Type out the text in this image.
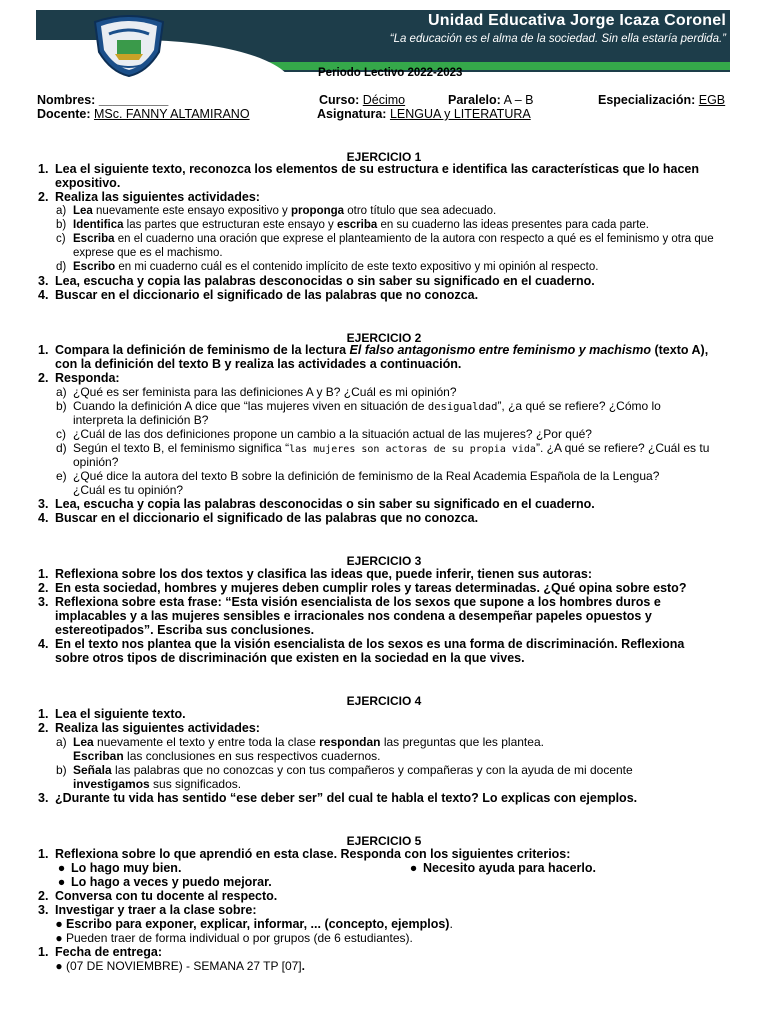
Unidad Educativa Jorge Icaza Coronel
“La educación es el alma de la sociedad. Sin ella estaría perdida.”
Periodo Lectivo 2022-2023
Nombres: __________	Curso: Décimo	Paralelo: A – B	Especialización: EGB
Docente: MSc. FANNY ALTAMIRANO	Asignatura: LENGUA y LITERATURA
EJERCICIO 1
1. Lea el siguiente texto, reconozca los elementos de su estructura e identifica las características que lo hacen
expositivo.
2. Realiza las siguientes actividades:
a) Lea nuevamente este ensayo expositivo y proponga otro título que sea adecuado.
b) Identifica las partes que estructuran este ensayo y escriba en su cuaderno las ideas presentes para cada parte.
c) Escriba en el cuaderno una oración que exprese el planteamiento de la autora con respecto a qué es el feminismo y otra que
exprese que es el machismo.
d) Escribo en mi cuaderno cuál es el contenido implícito de este texto expositivo y mi opinión al respecto.
3. Lea, escucha y copia las palabras desconocidas o sin saber su significado en el cuaderno.
4. Buscar en el diccionario el significado de las palabras que no conozca.
EJERCICIO 2
1. Compara la definición de feminismo de la lectura El falso antagonismo entre feminismo y machismo (texto A),
con la definición del texto B y realiza las actividades a continuación.
2. Responda:
a) ¿Qué es ser feminista para las definiciones A y B? ¿Cuál es mi opinión?
b) Cuando la definición A dice que “las mujeres viven en situación de desigualdad”, ¿a qué se refiere? ¿Cómo lo
interpreta la definición B?
c) ¿Cuál de las dos definiciones propone un cambio a la situación actual de las mujeres? ¿Por qué?
d) Según el texto B, el feminismo significa “las mujeres son actoras de su propia vida”. ¿A qué se refiere? ¿Cuál es tu
opinión?
e) ¿Qué dice la autora del texto B sobre la definición de feminismo de la Real Academia Española de la Lengua?
¿Cuál es tu opinión?
3. Lea, escucha y copia las palabras desconocidas o sin saber su significado en el cuaderno.
4. Buscar en el diccionario el significado de las palabras que no conozca.
EJERCICIO 3
1. Reflexiona sobre los dos textos y clasifica las ideas que, puede inferir, tienen sus autoras:
2. En esta sociedad, hombres y mujeres deben cumplir roles y tareas determinadas. ¿Qué opina sobre esto?
3. Reflexiona sobre esta frase: “Esta visión esencialista de los sexos que supone a los hombres duros e
implacables y a las mujeres sensibles e irracionales nos condena a desempeñar papeles opuestos y
estereotipados”. Escriba sus conclusiones.
4. En el texto nos plantea que la visión esencialista de los sexos es una forma de discriminación. Reflexiona
sobre otros tipos de discriminación que existen en la sociedad en la que vives.
EJERCICIO 4
1. Lea el siguiente texto.
2. Realiza las siguientes actividades:
a) Lea nuevamente el texto y entre toda la clase respondan las preguntas que les plantea.
Escriban las conclusiones en sus respectivos cuadernos.
b) Señala las palabras que no conozcas y con tus compañeros y compañeras y con la ayuda de mi docente
investigamos sus significados.
3. ¿Durante tu vida has sentido “ese deber ser” del cual te habla el texto? Lo explicas con ejemplos.
EJERCICIO 5
1. Reflexiona sobre lo que aprendió en esta clase. Responda con los siguientes criterios:
● Lo hago muy bien.	● Necesito ayuda para hacerlo.
● Lo hago a veces y puedo mejorar.
2. Conversa con tu docente al respecto.
3. Investigar y traer a la clase sobre:
● Escribo para exponer, explicar, informar, ... (concepto, ejemplos).
● Pueden traer de forma individual o por grupos (de 6 estudiantes).
1. Fecha de entrega:
● (07 DE NOVIEMBRE) - SEMANA 27 TP [07].
